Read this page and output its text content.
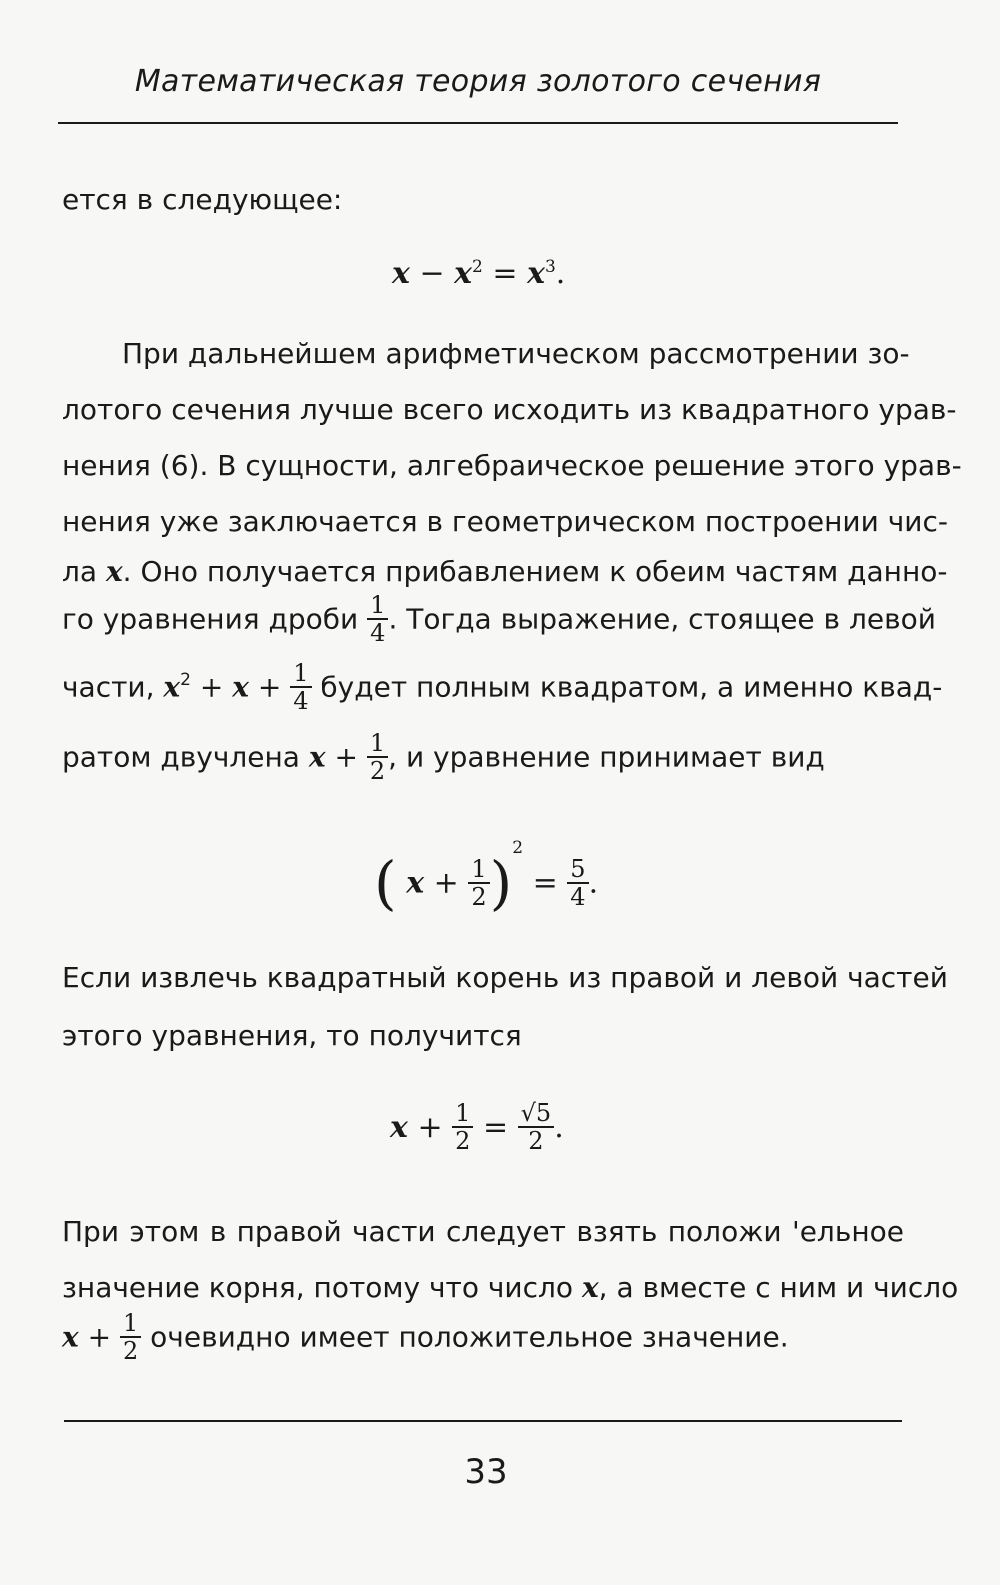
Математическая теория золотого сечения
ется в следующее:
$x - x^2 = x^3$.
При дальнейшем арифметическом рассмотрении зо-
лотого сечения лучше всего исходить из квадратного урав-
нения (6). В сущности, алгебраическое решение этого урав-
нения уже заключается в геометрическом построении чис-
ла x. Оно получается прибавлением к обеим частям данно-
го уравнения дроби $\frac{1}{4}$ . Тогда выражение, стоящее в левой
части, $x^2 + x + \frac{1}{4}$ будет полным квадратом, а именно квад-
ратом двучлена $x + \frac{1}{2}$ , и уравнение принимает вид
( $x + \frac{1}{2} )^2 = \frac{5}{4}$ .
Если извлечь квадратный корень из правой и левой частей
этого уравнения, то получится
$x + \frac{1}{2} = \frac{√5}{2}$ .
При этом в правой части следует взять положи 'ельное
значение корня, потому что число x, а вместе с ним и число
$x + \frac{1}{2}$ очевидно имеет положительное значение.
33
